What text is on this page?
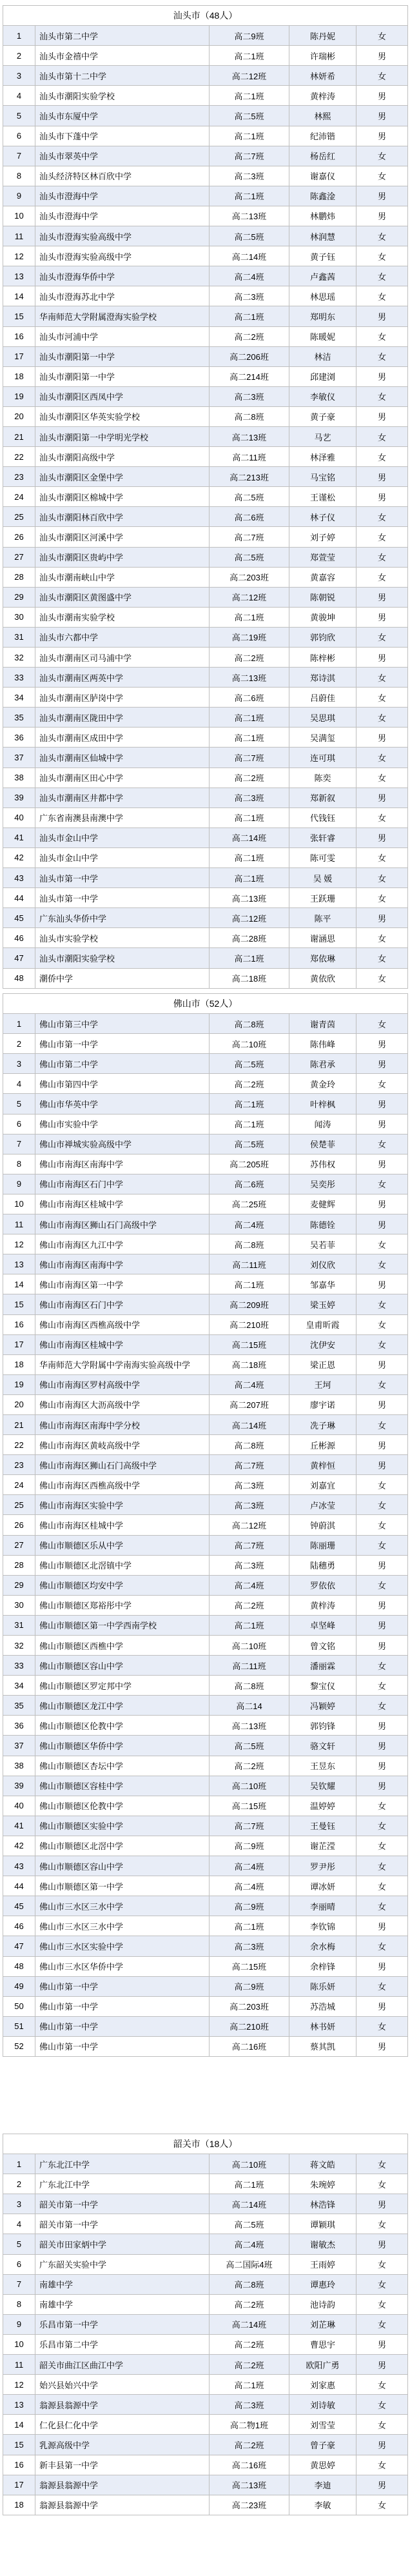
汕头市（48人）				
1	汕头市第二中学	高二9班	陈丹妮	女
2	汕头市金禧中学	高二1班	许瑞彬	男
3	汕头市第十二中学	高二12班	林妍希	女
4	汕头市潮阳实验学校	高二1班	黄梓涛	男
5	汕头市东厦中学	高二5班	林熙	男
6	汕头市下蓬中学	高二1班	纪沛锴	男
7	汕头市翠英中学	高二7班	杨岳红	女
8	汕头经济特区林百欣中学	高二3班	谢嘉仪	女
9	汕头市澄海中学	高二1班	陈鑫淦	男
10	汕头市澄海中学	高二13班	林鹏炜	男
11	汕头市澄海实验高级中学	高二5班	林润慧	女
12	汕头市澄海实验高级中学	高二14班	黄子钰	女
13	汕头市澄海华侨中学	高二4班	卢鑫茜	女
14	汕头市澄海苏北中学	高二3班	林思瑶	女
15	华南师范大学附属澄海实验学校	高二1班	郑明东	男
16	汕头市河浦中学	高二2班	陈暖妮	女
17	汕头市潮阳第一中学	高二206班	林洁	女
18	汕头市潮阳第一中学	高二214班	邱建浏	男
19	汕头市潮阳区西凤中学	高二3班	李敏仪	女
20	汕头市潮阳区华英实验学校	高二8班	黄子豪	男
21	汕头市潮阳第一中学明光学校	高二13班	马艺	女
22	汕头市潮阳高级中学	高二11班	林泽雅	女
23	汕头市潮阳区金堡中学	高二213班	马宝铭	男
24	汕头市潮阳区棉城中学	高二5班	王谨松	男
25	汕头市潮阳林百欣中学	高二6班	林子仪	女
26	汕头市潮阳区河溪中学	高二7班	刘子婷	女
27	汕头市潮阳区贵屿中学	高二5班	郑萱莹	女
28	汕头市潮南峡山中学	高二203班	黄嘉容	女
29	汕头市潮阳区黄图盛中学	高二12班	陈朝锐	男
30	汕头市潮南实验学校	高二1班	黄骏坤	男
31	汕头市六都中学	高二19班	郭钧欣	女
32	汕头市潮南区司马浦中学	高二2班	陈梓彬	男
33	汕头市潮南区两英中学	高二13班	郑诗淇	女
34	汕头市潮南区胪岗中学	高二6班	吕蔚佳	女
35	汕头市潮南区陇田中学	高二1班	吴思琪	女
36	汕头市潮南区成田中学	高二1班	吴满玺	男
37	汕头市潮南区仙城中学	高二7班	连可琪	女
38	汕头市潮南区田心中学	高二2班	陈奕	女
39	汕头市潮南区井都中学	高二3班	郑新叙	男
40	广东省南澳县南澳中学	高二1班	代钱钰	女
41	汕头市金山中学	高二14班	张轩睿	男
42	汕头市金山中学	高二1班	陈可雯	女
43	汕头市第一中学	高二1班	吴 媛	女
44	汕头市第一中学	高二13班	王跃珊	女
45	广东汕头华侨中学	高二12班	陈平	男
46	汕头市实验学校	高二28班	谢涵思	女
47	汕头市潮阳实验学校	高二1班	郑依琳	女
48	潮侨中学	高二18班	黄依欣	女
佛山市（52人）				
1	佛山市第三中学	高二8班	谢青茵	女
2	佛山市第一中学	高二10班	陈伟峰	男
3	佛山市第二中学	高二5班	陈君承	男
4	佛山市第四中学	高二2班	黄金玲	女
5	佛山市华英中学	高二1班	叶梓枫	男
6	佛山市实验中学	高二1班	闻涛	男
7	佛山市禅城实验高级中学	高二5班	侯楚菲	女
8	佛山市南海区南海中学	高二205班	苏伟权	男
9	佛山市南海区石门中学	高二6班	吴奕彤	女
10	佛山市南海区桂城中学	高二25班	麦健辉	男
11	佛山市南海区狮山石门高级中学	高二4班	陈德铨	男
12	佛山市南海区九江中学	高二8班	吴若菲	女
13	佛山市南海区南海中学	高二11班	刘仪欣	女
14	佛山市南海区第一中学	高二1班	邹嘉华	男
15	佛山市南海区石门中学	高二209班	梁玉婷	女
16	佛山市南海区西樵高级中学	高二210班	皇甫昕霞	女
17	佛山市南海区桂城中学	高二15班	沈伊安	女
18	华南师范大学附属中学南海实验高级中学	高二18班	梁正恩	男
19	佛山市南海区罗村高级中学	高二4班	王坷	女
20	佛山市南海区大沥高级中学	高二207班	廖宇诺	男
21	佛山市南海区南海中学分校	高二14班	冼子琳	女
22	佛山市南海区黄岐高级中学	高二8班	丘彬源	男
23	佛山市南海区狮山石门高级中学	高二7班	黄梓恒	男
24	佛山市南海区西樵高级中学	高二3班	刘嘉宜	女
25	佛山市南海区实验中学	高二3班	卢冰莹	女
26	佛山市南海区桂城中学	高二12班	钟蔚淇	女
27	佛山市顺德区乐从中学	高二7班	陈丽珊	女
28	佛山市顺德区北滘镇中学	高二3班	陆穗勇	男
29	佛山市顺德区均安中学	高二4班	罗依依	女
30	佛山市顺德区郑裕彤中学	高二2班	黄梓涛	男
31	佛山市顺德区第一中学西南学校	高二1班	卓坚峰	男
32	佛山市顺德区西樵中学	高二10班	曾文铭	男
33	佛山市顺德区容山中学	高二11班	潘丽霖	女
34	佛山市顺德区罗定邦中学	高二8班	黎宝仪	女
35	佛山市顺德区龙江中学	高二14	冯颖婷	女
36	佛山市顺德区伦教中学	高二13班	郭钧锋	男
37	佛山市顺德区华侨中学	高二5班	骆文轩	男
38	佛山市顺德区杏坛中学	高二2班	王昱东	男
39	佛山市顺德区容桂中学	高二10班	吴钦耀	男
40	佛山市顺德区伦教中学	高二15班	温婷婷	女
41	佛山市顺德区实验中学	高二7班	王曼钰	女
42	佛山市顺德区北滘中学	高二9班	谢芷滢	女
43	佛山市顺德区容山中学	高二4班	罗尹彤	女
44	佛山市顺德区第一中学	高二4班	谭冰妍	女
45	佛山市三水区三水中学	高二9班	李丽晴	女
46	佛山市三水区三水中学	高二1班	李钦锦	男
47	佛山市三水区实验中学	高二3班	余水梅	女
48	佛山市三水区华侨中学	高二15班	余梓锋	男
49	佛山市第一中学	高二9班	陈乐妍	女
50	佛山市第一中学	高二203班	苏浩城	男
51	佛山市第一中学	高二210班	林书妍	女
52	佛山市第一中学	高二16班	蔡其凯	男
韶关市（18人）				
1	广东北江中学	高二10班	蒋文皓	女
2	广东北江中学	高二1班	朱琬婷	女
3	韶关市第一中学	高二14班	林浩锋	男
4	韶关市第一中学	高二5班	谭颖琪	女
5	韶关市田家炳中学	高二4班	谢敏杰	男
6	广东韶关实验中学	高二国际4班	王雨婷	女
7	南雄中学	高二8班	谭惠玲	女
8	南雄中学	高二2班	池诗韵	女
9	乐昌市第一中学	高二14班	刘芷琳	女
10	乐昌市第二中学	高二2班	曹思宇	男
11	韶关市曲江区曲江中学	高二2班	欧阳广勇	男
12	始兴县始兴中学	高二1班	刘家惠	女
13	翁源县翁源中学	高二3班	刘诗敏	女
14	仁化县仁化中学	高二物1班	刘雪莹	女
15	乳源高级中学	高二2班	曾子豪	男
16	新丰县第一中学	高二16班	黄思婷	女
17	翁源县翁源中学	高二13班	李迪	男
18	翁源县翁源中学	高二23班	李敏	女
